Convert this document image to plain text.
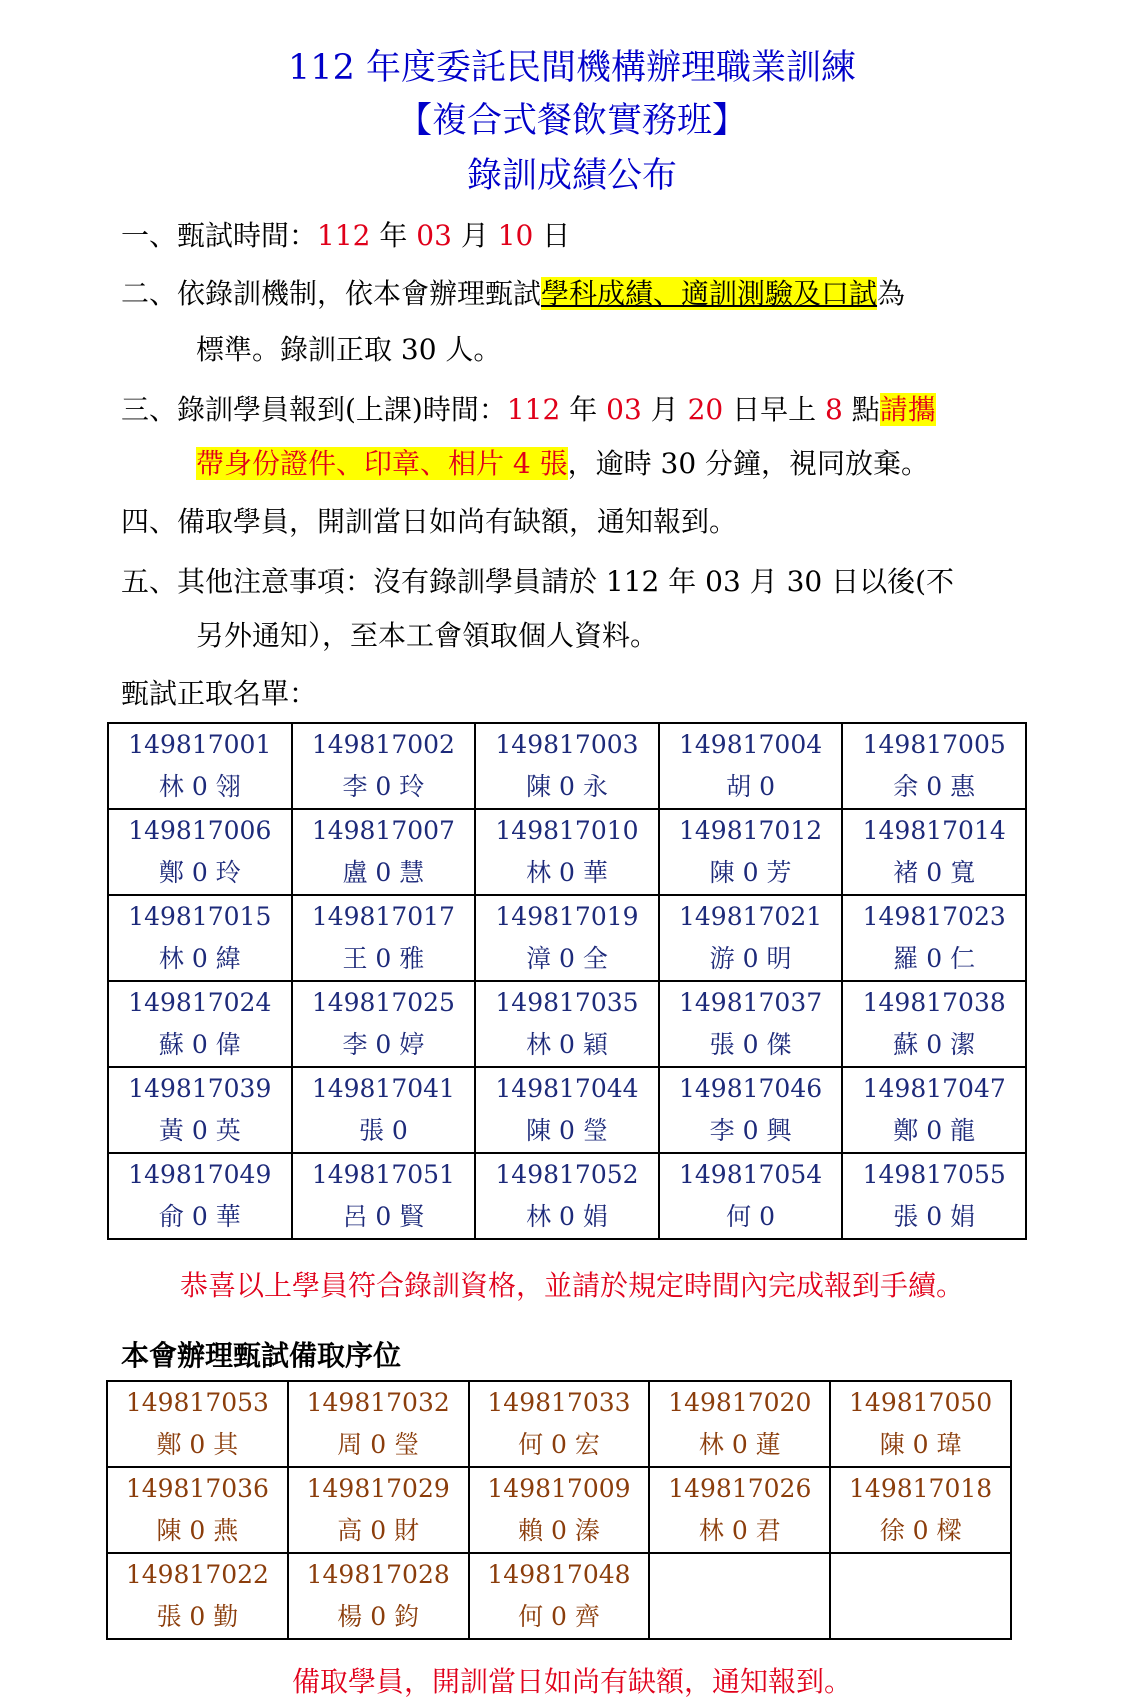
112 年度委託民間機構辦理職業訓練
【複合式餐飲實務班】
錄訓成績公布
一、甄試時間：112 年 03 月 10 日
二、依錄訓機制，依本會辦理甄試學科成績、適訓測驗及口試為
標準。錄訓正取 30 人。
三、錄訓學員報到(上課)時間：112 年 03 月 20 日早上 8 點請攜
帶身份證件、印章、相片 4 張，逾時 30 分鐘，視同放棄。
四、備取學員，開訓當日如尚有缺額，通知報到。
五、其他注意事項：沒有錄訓學員請於 112 年 03 月 30 日以後(不
另外通知），至本工會領取個人資料。
甄試正取名單：
149817001
林 0 翎	149817002
李 0 玲	149817003
陳 0 永	149817004
胡 0	149817005
余 0 惠

149817006
鄭 0 玲	149817007
盧 0 慧	149817010
林 0 華	149817012
陳 0 芳	149817014
褚 0 寬

149817015
林 0 緯	149817017
王 0 雅	149817019
漳 0 全	149817021
游 0 明	149817023
羅 0 仁

149817024
蘇 0 偉	149817025
李 0 婷	149817035
林 0 穎	149817037
張 0 傑	149817038
蘇 0 潔

149817039
黃 0 英	149817041
張 0	149817044
陳 0 瑩	149817046
李 0 興	149817047
鄭 0 龍

149817049
俞 0 華	149817051
呂 0 賢	149817052
林 0 娟	149817054
何 0	149817055
張 0 娟
恭喜以上學員符合錄訓資格，並請於規定時間內完成報到手續。
本會辦理甄試備取序位
149817053
鄭 0 其	149817032
周 0 瑩	149817033
何 0 宏	149817020
林 0 蓮	149817050
陳 0 瑋

149817036
陳 0 燕	149817029
高 0 財	149817009
賴 0 溱	149817026
林 0 君	149817018
徐 0 樑

149817022
張 0 勤	149817028
楊 0 鈞	149817048
何 0 齊		

備取學員，開訓當日如尚有缺額，通知報到。
